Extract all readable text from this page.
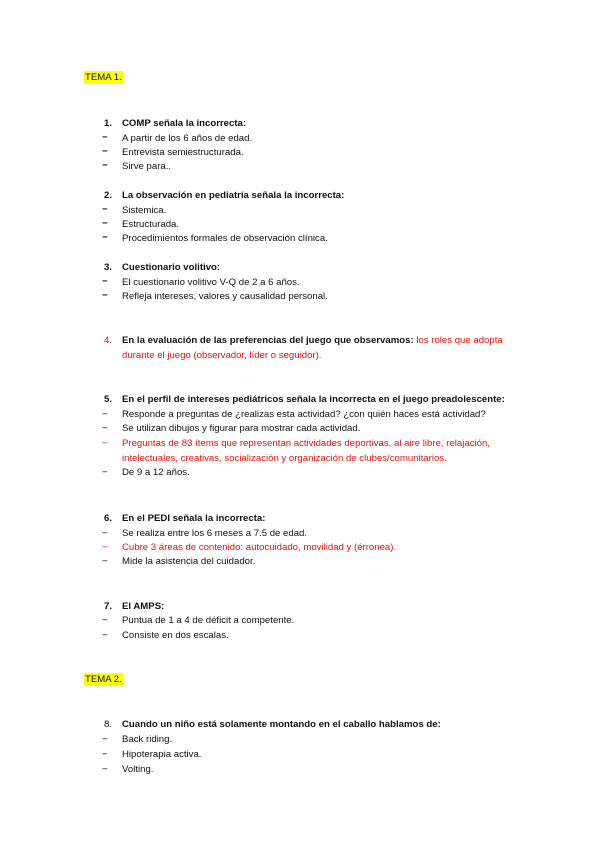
TEMA 1.
1. COMP señala la incorrecta:
−	A partir de los 6 años de edad.
−	Entrevista semiestructurada.
−	Sirve para..
2. La observación en pediatría señala la incorrecta:
−	Sistemica.
−	Estructurada.
−	Procedimientos formales de observación clínica.
3. Cuestionario volitivo:
−	El cuestionario volitivo V-Q de 2 a 6 años.
−	Refleja intereses, valores y causalidad personal.
4. En la evaluación de las preferencias del juego que observamos: los roles que adopta
durante el juego (observador, líder o seguidor).
5. En el perfil de intereses pediátricos señala la incorrecta en el juego preadolescente:
−	Responde a preguntas de ¿realizas esta actividad? ¿con quién haces está actividad?
−	Se utilizan dibujos y figurar para mostrar cada actividad.
−	Preguntas de 83 ítems que representan actividades deportivas, al aire libre, relajación,
intelectuales, creativas, socialización y organización de clubes/comunitarios.
−	De 9 a 12 años.
6. En el PEDI señala la incorrecta:
−	Se realiza entre los 6 meses a 7.5 de edad.
−	Cubre 3 áreas de contenido: autocuidado, movilidad y (érronea).
−	Mide la asistencia del cuidador.
7. El AMPS:
−	Puntua de 1 a 4 de déficit a competente.
−	Consiste en dos escalas.
TEMA 2.
8. Cuando un niño está solamente montando en el caballo hablamos de:
−	Back riding.
−	Hipoterapia activa.
−	Volting.
